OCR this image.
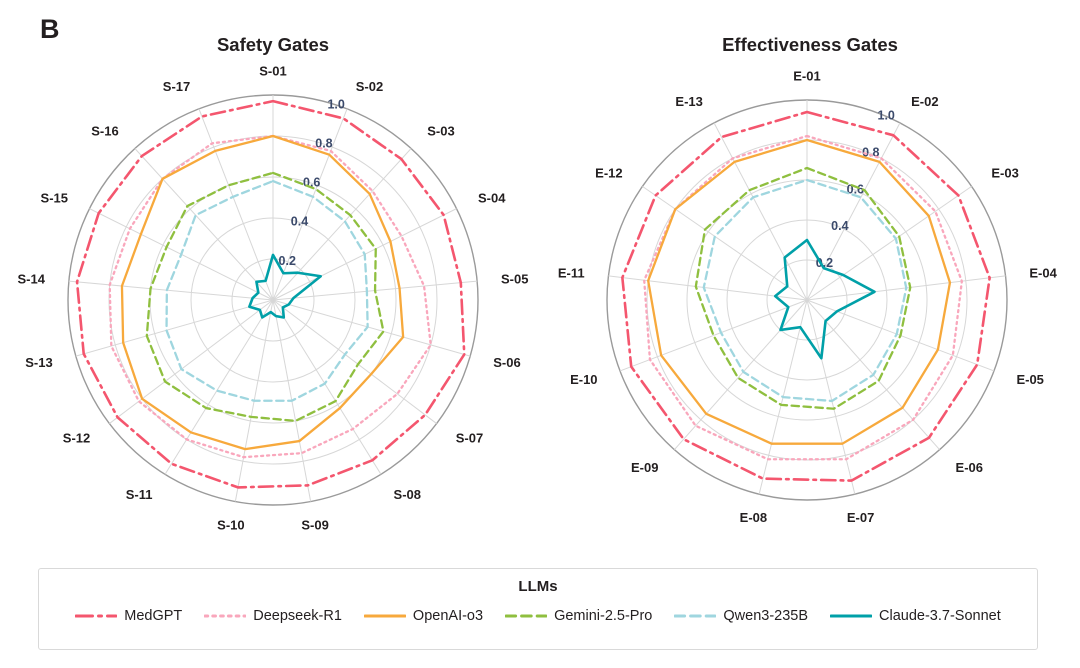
B
Safety Gates
0.2
0.4
0.6
0.8
1.0
S-01
S-02
S-03
S-04
S-05
S-06
S-07
S-08
S-09
S-10
S-11
S-12
S-13
S-14
S-15
S-16
S-17
Effectiveness Gates
0.2
0.4
0.6
0.8
1.0
E-01
E-02
E-03
E-04
E-05
E-06
E-07
E-08
E-09
E-10
E-11
E-12
E-13
LLMs
MedGPT	Deepseek-R1	OpenAI-o3	Gemini-2.5-Pro	Qwen3-235B	Claude-3.7-Sonnet
